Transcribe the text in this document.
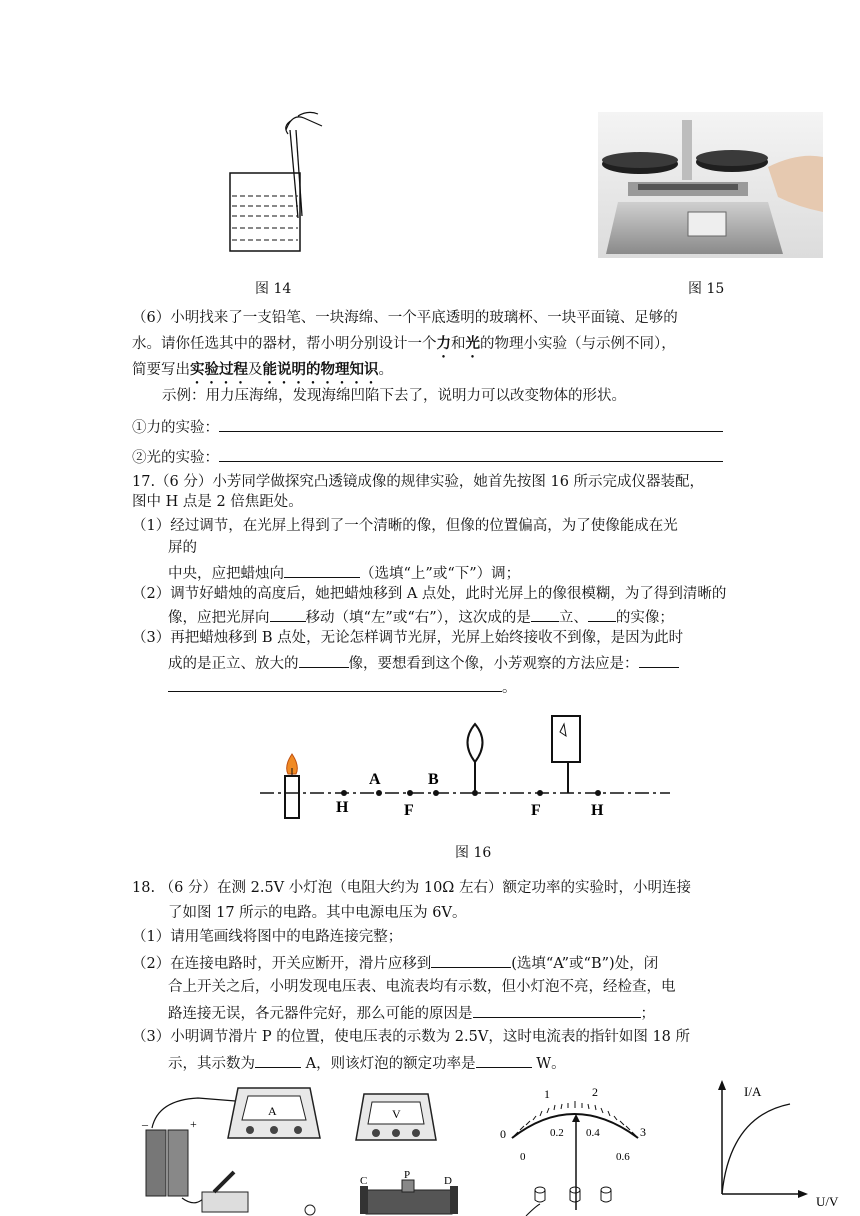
图 14	图 15
（6）小明找来了一支铅笔、一块海绵、一个平底透明的玻璃杯、一块平面镜、足够的
水。请你任选其中的器材，帮小明分别设计一个力和光的物理小实验（与示例不同），
简要写出实验过程及能说明的物理知识。
示例：用力压海绵，发现海绵凹陷下去了，说明力可以改变物体的形状。
①力的实验：
②光的实验：
17.（6 分）小芳同学做探究凸透镜成像的规律实验，她首先按图 16 所示完成仪器装配，
图中 H 点是 2 倍焦距处。
（1）经过调节，在光屏上得到了一个清晰的像，但像的位置偏高，为了使像能成在光
屏的
中央，应把蜡烛向	（选填“上”或“下”）调；
（2）调节好蜡烛的高度后，她把蜡烛移到 A 点处，此时光屏上的像很模糊，为了得到清晰的
像，应把光屏向 移动（填“左”或“右”），这次成的是 立、 的实像；
（3）再把蜡烛移到 B 点处，无论怎样调节光屏，光屏上始终接收不到像，是因为此时
成的是正立、放大的	像，要想看到这个像，小芳观察的方法应是：
。
A	B
H	F	F	H
图 16
18. （6 分）在测 2.5V 小灯泡（电阻大约为 10Ω 左右）额定功率的实验时，小明连接
了如图 17 所示的电路。其中电源电压为 6V。
（1）请用笔画线将图中的电路连接完整；
（2）在连接电路时，开关应断开，滑片应移到	(选填“A”或“B”)处，闭
合上开关之后，小明发现电压表、电流表均有示数，但小灯泡不亮，经检查，电
路连接无误，各元器件完好，那么可能的原因是	；
（3）小明调节滑片 P 的位置，使电压表的示数为 2.5V，这时电流表的指针如图 18 所
示，其示数为	A，则该灯泡的额定功率是	W。
–	+
A	V
C	P	D
0
1	2
3
0.2 0.4
0.6
0
I/A
U/V
